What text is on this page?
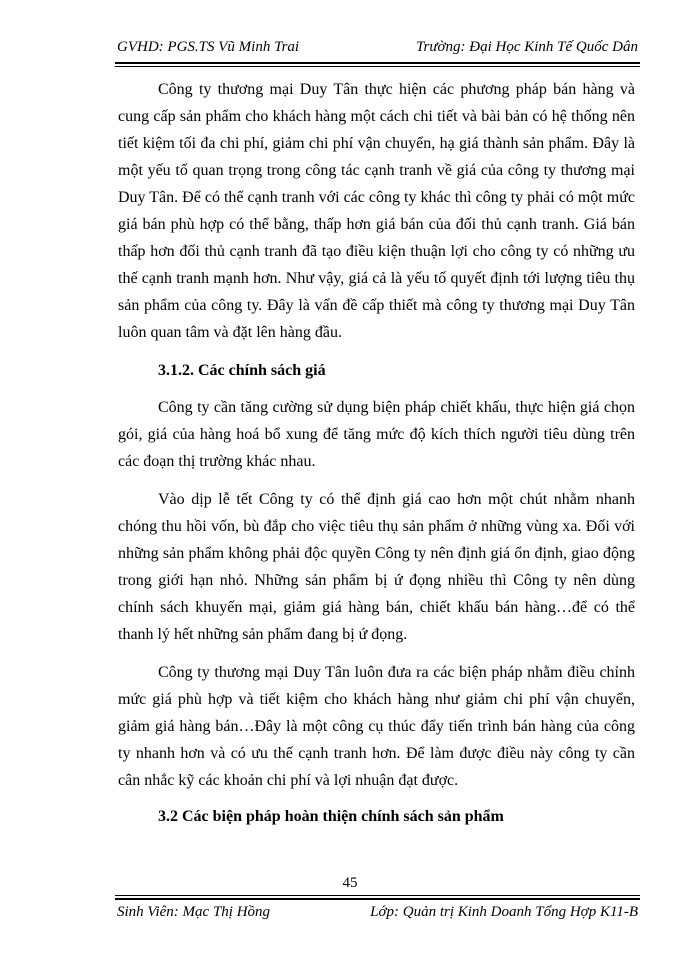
GVHD: PGS.TS Vũ Minh Trai	Trường: Đại Học Kinh Tế Quốc Dân

Công ty thương mại Duy Tân thực hiện các phương pháp bán hàng và cung cấp sản phẩm cho khách hàng một cách chi tiết và bài bản có hệ thống nên tiết kiệm tối đa chi phí, giảm chi phí vận chuyển, hạ giá thành sản phẩm. Đây là một yếu tố quan trọng trong công tác cạnh tranh về giá của công ty thương mại Duy Tân. Để có thể cạnh tranh với các công ty khác thì công ty phải có một mức giá bán phù hợp có thể bằng, thấp hơn giá bán của đối thủ cạnh tranh. Giá bán thấp hơn đối thủ cạnh tranh đã tạo điều kiện thuận lợi cho công ty có những ưu thế cạnh tranh mạnh hơn. Như vậy, giá cả là yếu tố quyết định tới lượng tiêu thụ sản phẩm của công ty. Đây là vấn đề cấp thiết mà công ty thương mại Duy Tân luôn quan tâm và đặt lên hàng đầu.

3.1.2. Các chính sách giá

Công ty cần tăng cường sử dụng biện pháp chiết khấu, thực hiện giá chọn gói, giá của hàng hoá bổ xung để tăng mức độ kích thích người tiêu dùng trên các đoạn thị trường khác nhau.

Vào dịp lễ tết Công ty có thể định giá cao hơn một chút nhằm nhanh chóng thu hồi vốn, bù đắp cho việc tiêu thụ sản phẩm ở những vùng xa. Đối với những sản phẩm không phải độc quyền Công ty nên định giá ổn định, giao động trong giới hạn nhỏ. Những sản phẩm bị ứ đọng nhiều thì Công ty nên dùng chính sách khuyến mại, giảm giá hàng bán, chiết khấu bán hàng…để có thể thanh lý hết những sản phẩm đang bị ứ đọng.

Công ty thương mại Duy Tân luôn đưa ra các biện pháp nhằm điều chỉnh mức giá phù hợp và tiết kiệm cho khách hàng như giảm chi phí vận chuyển, giảm giá hàng bán…Đây là một công cụ thúc đẩy tiến trình bán hàng của công ty nhanh hơn và có ưu thế cạnh tranh hơn. Để làm được điều này công ty cần cân nhắc kỹ các khoản chi phí và lợi nhuận đạt được.

3.2 Các biện pháp hoàn thiện chính sách sản phẩm
45
Sinh Viên: Mạc Thị Hồng	Lớp: Quản trị Kinh Doanh Tổng Hợp K11-B
